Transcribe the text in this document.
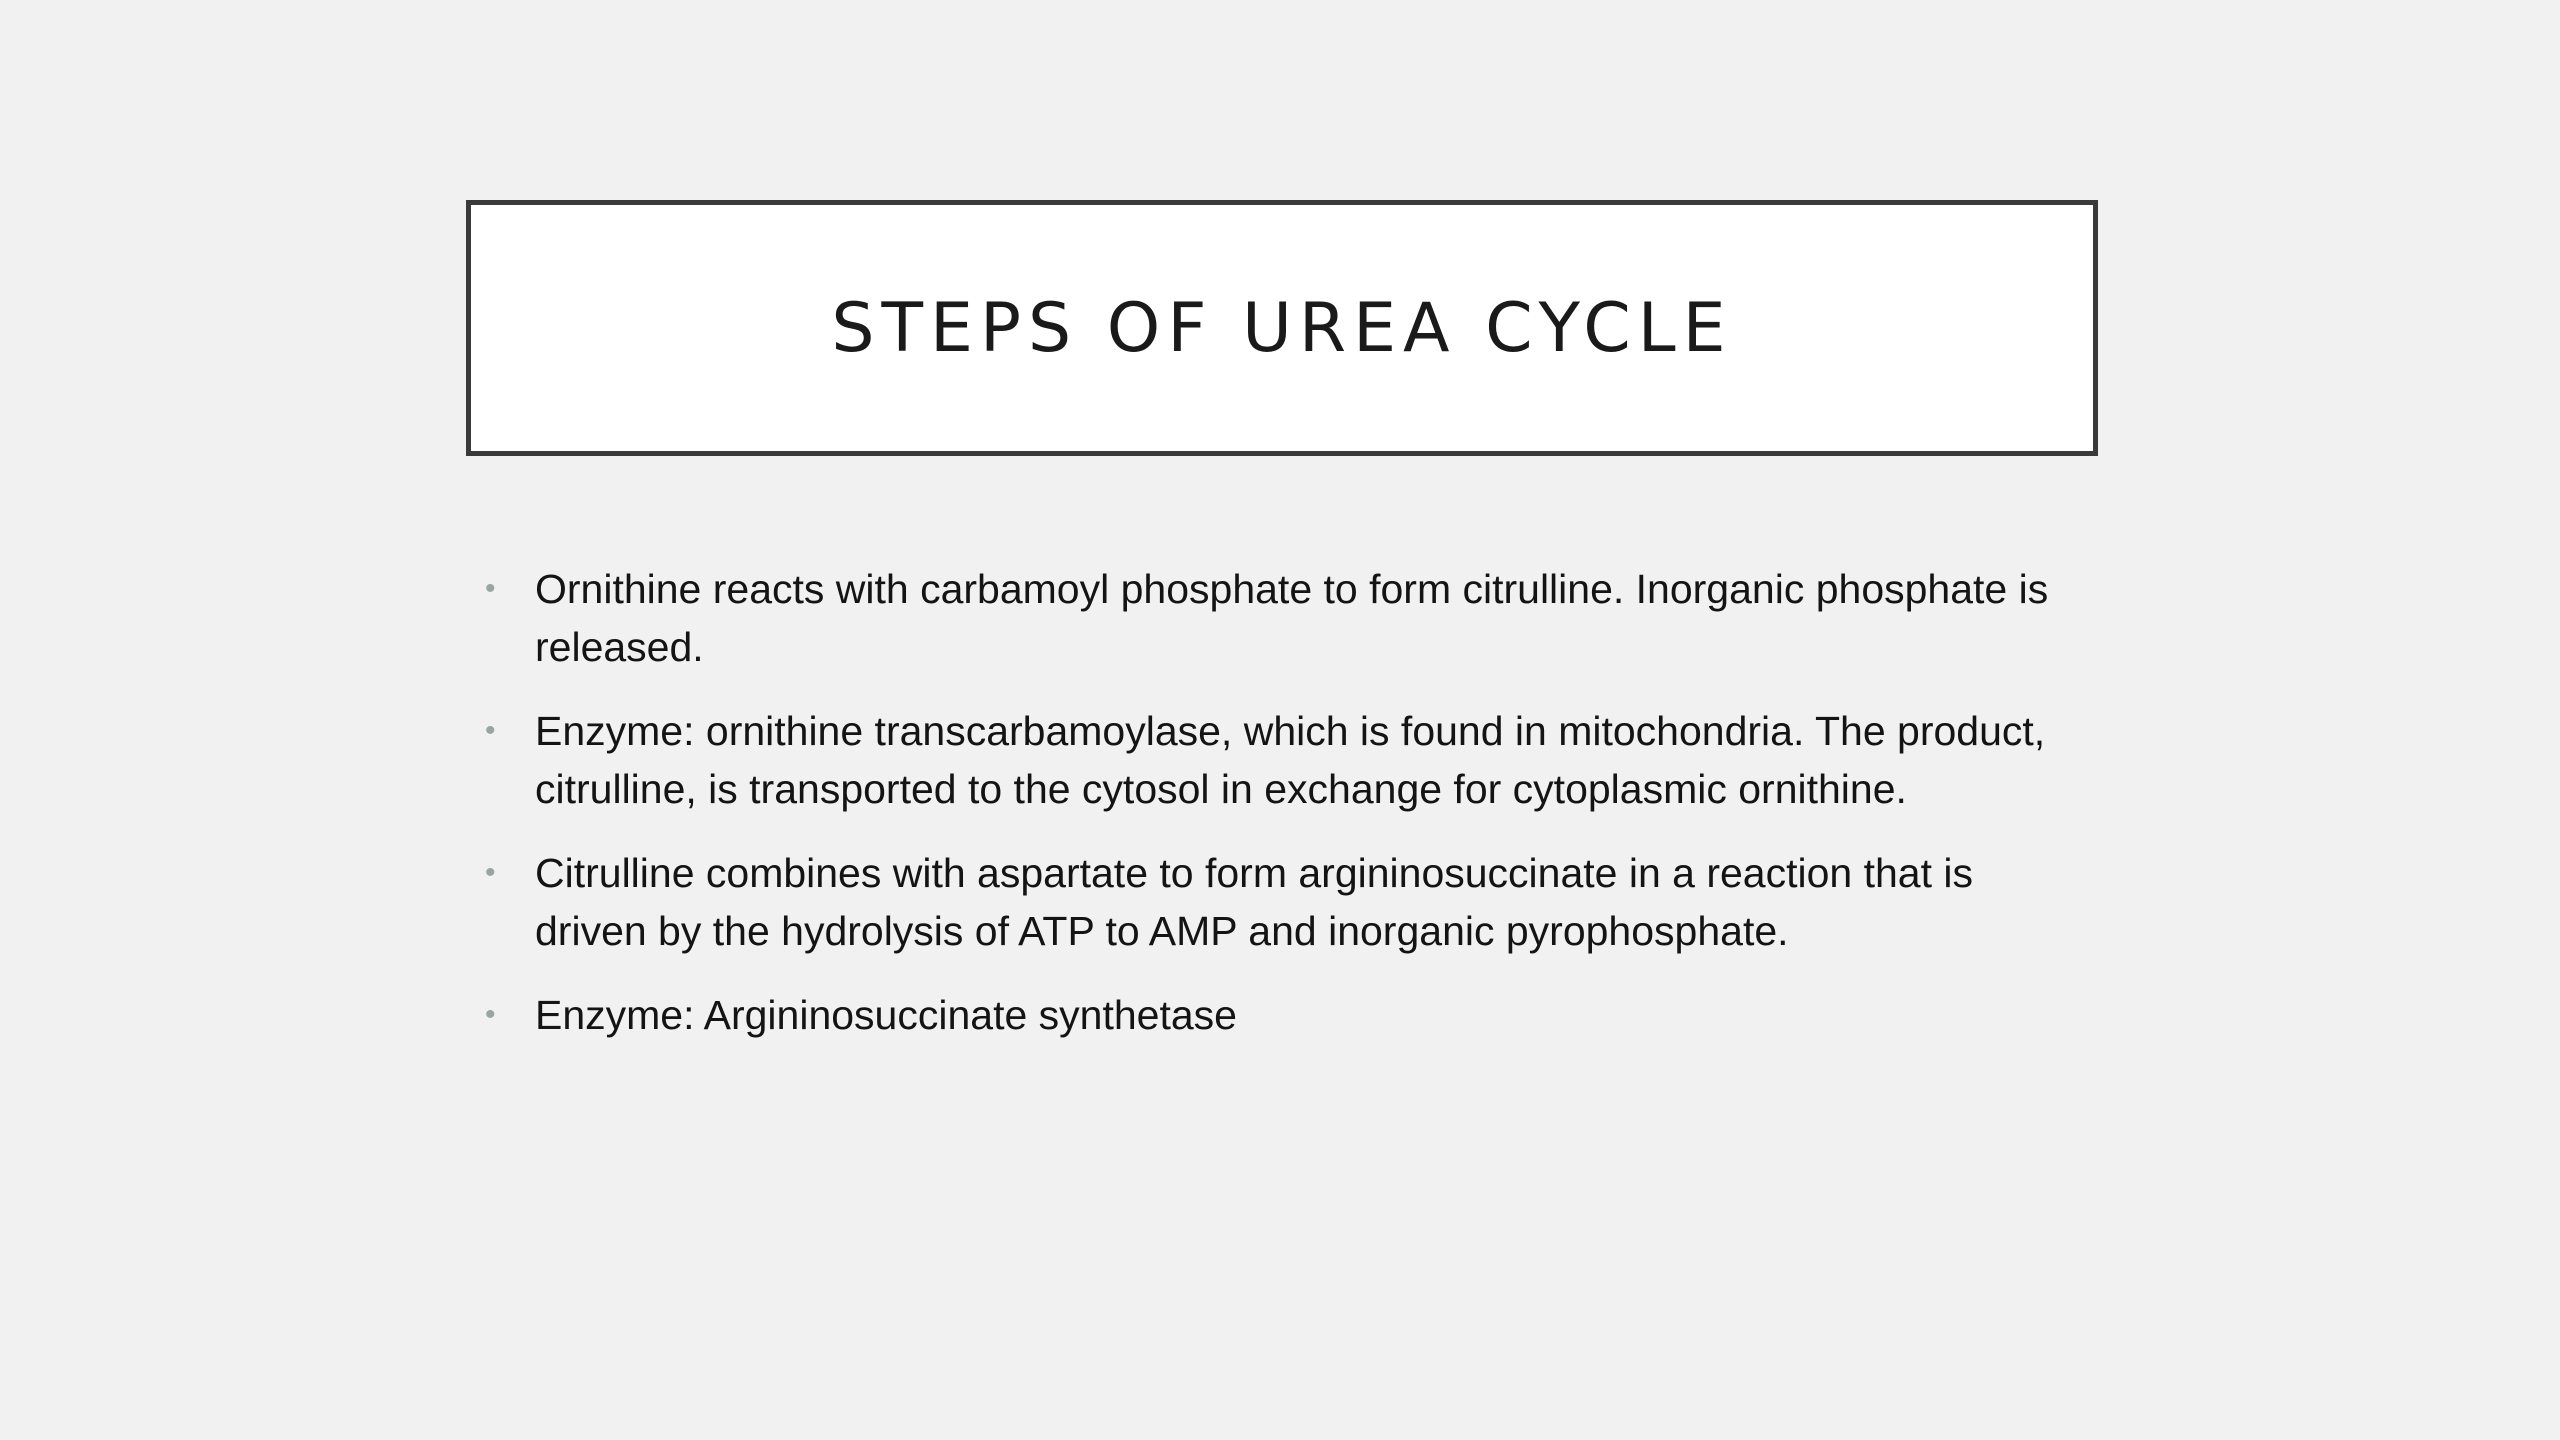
STEPS OF UREA CYCLE
• Ornithine reacts with carbamoyl phosphate to form citrulline. Inorganic phosphate is released.
• Enzyme: ornithine transcarbamoylase, which is found in mitochondria. The product, citrulline, is transported to the cytosol in exchange for cytoplasmic ornithine.
• Citrulline combines with aspartate to form argininosuccinate in a reaction that is driven by the hydrolysis of ATP to AMP and inorganic pyrophosphate.
• Enzyme: Argininosuccinate synthetase
